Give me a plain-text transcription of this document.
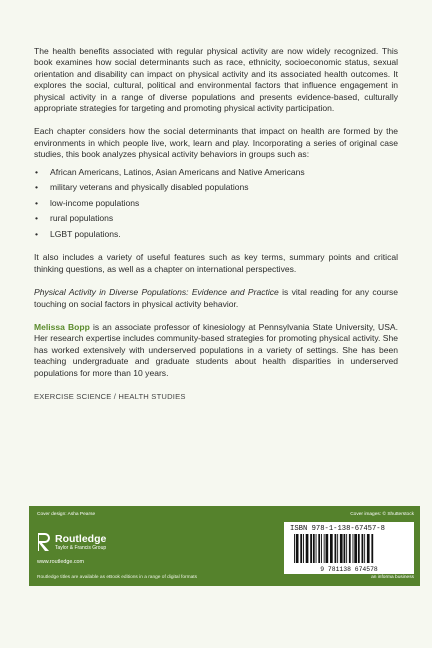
The health benefits associated with regular physical activity are now widely recognized. This book examines how social determinants such as race, ethnicity, socioeconomic status, sexual orientation and disability can impact on physical activity and its associated health outcomes. It explores the social, cultural, political and environmental factors that influence engagement in physical activity in a range of diverse populations and presents evidence-based, culturally appropriate strategies for targeting and promoting physical activity participation.

Each chapter considers how the social determinants that impact on health are formed by the environments in which people live, work, learn and play. Incorporating a series of original case studies, this book analyzes physical activity behaviors in groups such as:

• African Americans, Latinos, Asian Americans and Native Americans
• military veterans and physically disabled populations
• low-income populations
• rural populations
• LGBT populations.

It also includes a variety of useful features such as key terms, summary points and critical thinking questions, as well as a chapter on international perspectives.

Physical Activity in Diverse Populations: Evidence and Practice is vital reading for any course touching on social factors in physical activity behavior.

Melissa Bopp is an associate professor of kinesiology at Pennsylvania State University, USA. Her research expertise includes community-based strategies for promoting physical activity. She has worked extensively with underserved populations in a variety of settings. She has been teaching undergraduate and graduate students about health disparities in underserved populations for more than 10 years.

EXERCISE SCIENCE / HEALTH STUDIES
Cover design: Asha Pearse	Cover images: © Shutterstock
Routledge
Taylor & Francis Group
www.routledge.com
Routledge titles are available as eBook editions in a range of digital formats
ISBN 978-1-138-67457-8
9 781138 674578
an informa business
